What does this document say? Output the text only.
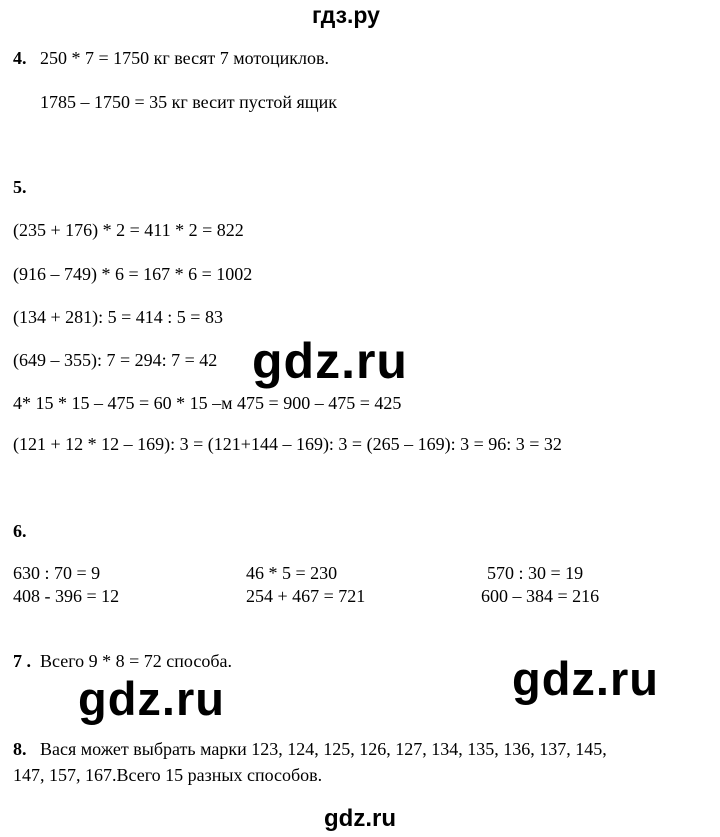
гдз.ру
4. 250 * 7 = 1750 кг весят 7 мотоциклов.
1785 – 1750 = 35 кг весит пустой ящик
5.
(235 + 176) * 2 = 411 * 2 = 822
(916 – 749) * 6 = 167 * 6 = 1002
(134 + 281): 5 = 414 : 5 = 83
(649 – 355): 7 = 294: 7 = 42
4* 15 * 15 – 475 = 60 * 15 –м 475 = 900 – 475 = 425
(121 + 12 * 12 – 169): 3 = (121+144 – 169): 3 = (265 – 169): 3 = 96: 3 = 32
6.
630 : 70 = 9	46 * 5 = 230	570 : 30 = 19
408 - 396 = 12	254 + 467 = 721	600 – 384 = 216
7 . Всего 9 * 8 = 72 способа.
8. Вася может выбрать марки 123, 124, 125, 126, 127, 134, 135, 136, 137, 145,
147, 157, 167.Всего 15 разных способов.
gdz.ru
gdz.ru
gdz.ru
gdz.ru
